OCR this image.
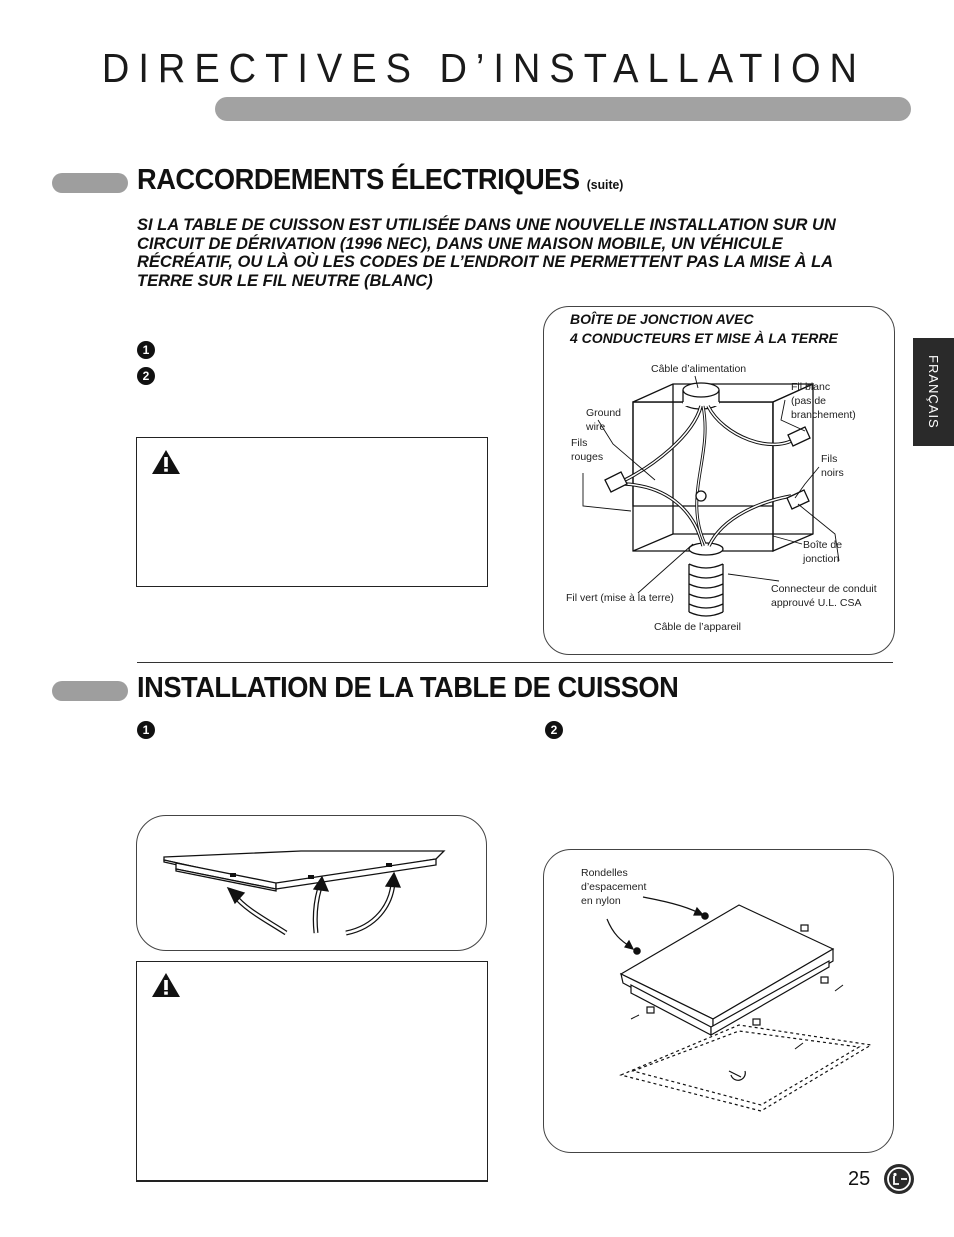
DIRECTIVES D’INSTALLATION
FRANÇAIS
RACCORDEMENTS ÉLECTRIQUES (suite)
SI LA TABLE DE CUISSON EST UTILISÉE DANS UNE NOUVELLE INSTALLATION SUR UN CIRCUIT DE DÉRIVATION (1996 NEC), DANS UNE MAISON MOBILE, UN VÉHICULE RÉCRÉATIF, OU LÀ OÙ LES CODES DE L’ENDROIT NE PERMETTENT PAS LA MISE À LA TERRE SUR LE FIL NEUTRE (BLANC)
1
2
BOÎTE DE JONCTION AVEC
4 CONDUCTEURS ET MISE À LA TERRE
Câble d’alimentation
Fil blanc
(pas de
branchement)
Ground
wire
Fils
rouges	Fils
noirs
Boîte de
jonction
Connecteur de conduit
approuvé U.L. CSA
Fil vert (mise à la terre)
Câble de l’appareil
INSTALLATION DE LA TABLE DE CUISSON
1	2
Rondelles
d’espacement
en nylon
25
